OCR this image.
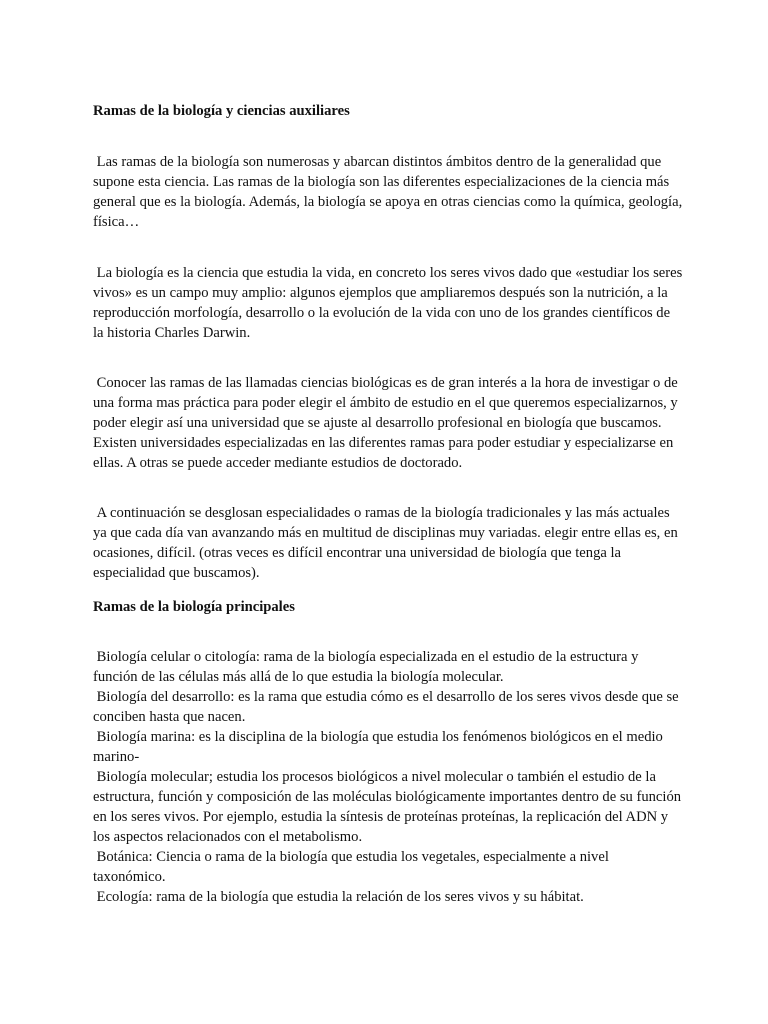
Ramas de la biología y ciencias auxiliares

Las ramas de la biología son numerosas y abarcan distintos ámbitos dentro de la generalidad que supone esta ciencia. Las ramas de la biología son las diferentes especializaciones de la ciencia más general que es la biología. Además, la biología se apoya en otras ciencias como la química, geología, física…

La biología es la ciencia que estudia la vida, en concreto los seres vivos dado que «estudiar los seres vivos» es un campo muy amplio: algunos ejemplos que ampliaremos después son la nutrición, a la reproducción morfología, desarrollo o la evolución de la vida con uno de los grandes científicos de la historia Charles Darwin.

Conocer las ramas de las llamadas ciencias biológicas es de gran interés a la hora de investigar o de una forma mas práctica para poder elegir el ámbito de estudio en el que queremos especializarnos, y poder elegir así una universidad que se ajuste al desarrollo profesional en biología que buscamos. Existen universidades especializadas en las diferentes ramas para poder estudiar y especializarse en ellas. A otras se puede acceder mediante estudios de doctorado.

A continuación se desglosan especialidades o ramas de la biología tradicionales y las más actuales ya que cada día van avanzando más en multitud de disciplinas muy variadas. elegir entre ellas es, en ocasiones, difícil. (otras veces es difícil encontrar una universidad de biología que tenga la especialidad que buscamos).

Ramas de la biología principales

Biología celular o citología: rama de la biología especializada en el estudio de la estructura y función de las células más allá de lo que estudia la biología molecular.

Biología del desarrollo: es la rama que estudia cómo es el desarrollo de los seres vivos desde que se conciben hasta que nacen.

Biología marina: es la disciplina de la biología que estudia los fenómenos biológicos en el medio marino-

Biología molecular; estudia los procesos biológicos a nivel molecular o también el estudio de la estructura, función y composición de las moléculas biológicamente importantes dentro de su función en los seres vivos. Por ejemplo, estudia la síntesis de proteínas proteínas, la replicación del ADN y los aspectos relacionados con el metabolismo.

Botánica: Ciencia o rama de la biología que estudia los vegetales, especialmente a nivel taxonómico.

Ecología: rama de la biología que estudia la relación de los seres vivos y su hábitat.
